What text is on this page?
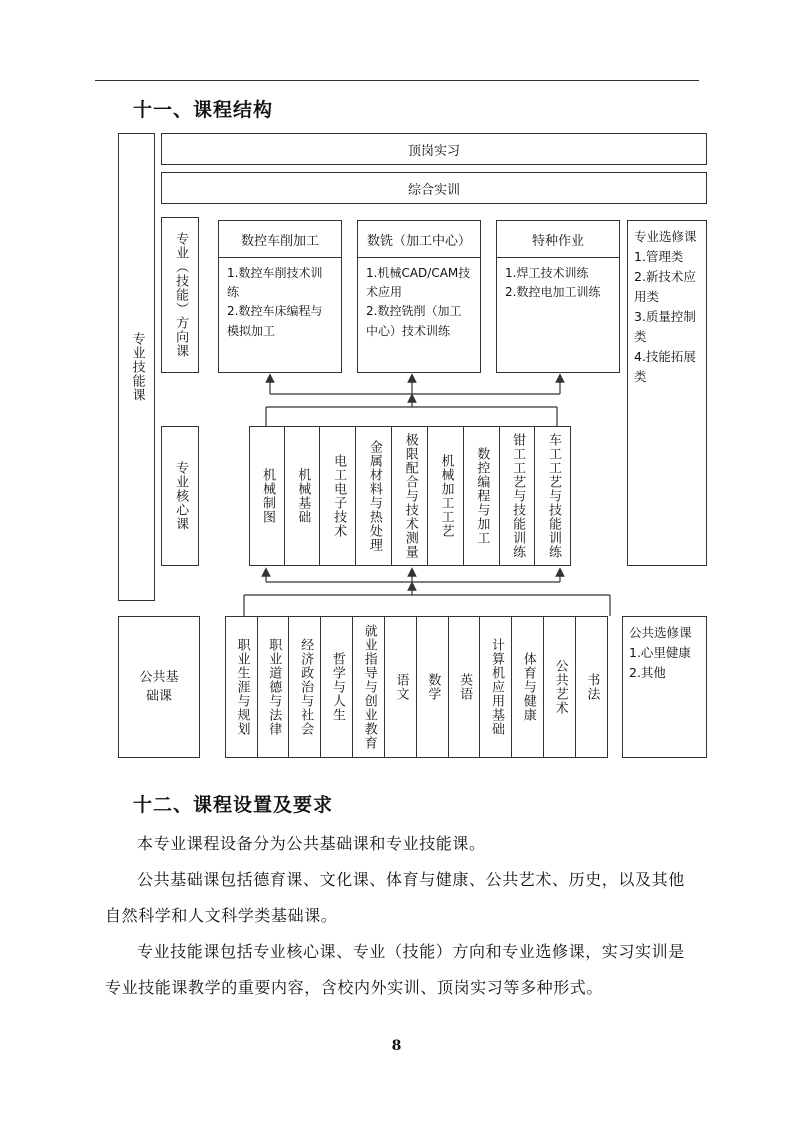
十一、课程结构
专业技能课
顶岗实习
综合实训
专业（技能）方向课	数控车削加工
1.数控车削技术训练
2.数控车床编程与模拟加工
数铣（加工中心）
1.机械CAD/CAM技术应用
2.数控铣削（加工中心）技术训练
特种作业
1.焊工技术训练
2.数控电加工训练
专业选修课
1.管理类
2.新技术应用类
3.质量控制类
4.技能拓展类
专业核心课	机械制图 机械基础 电工电子技术 金属材料与热处理 极限配合与技术测量 机械加工工艺 数控编程与加工 钳工工艺与技能训练 车工工艺与技能训练
公共基础课	职业生涯与规划 职业道德与法律 经济政治与社会 哲学与人生 就业指导与创业教育 语文 数学 英语 计算机应用基础 体育与健康 公共艺术 书法
公共选修课
1.心里健康
2.其他
十二、课程设置及要求

本专业课程设备分为公共基础课和专业技能课。

公共基础课包括德育课、文化课、体育与健康、公共艺术、历史，以及其他自然科学和人文科学类基础课。

专业技能课包括专业核心课、专业（技能）方向和专业选修课，实习实训是专业技能课教学的重要内容，含校内外实训、顶岗实习等多种形式。

8
